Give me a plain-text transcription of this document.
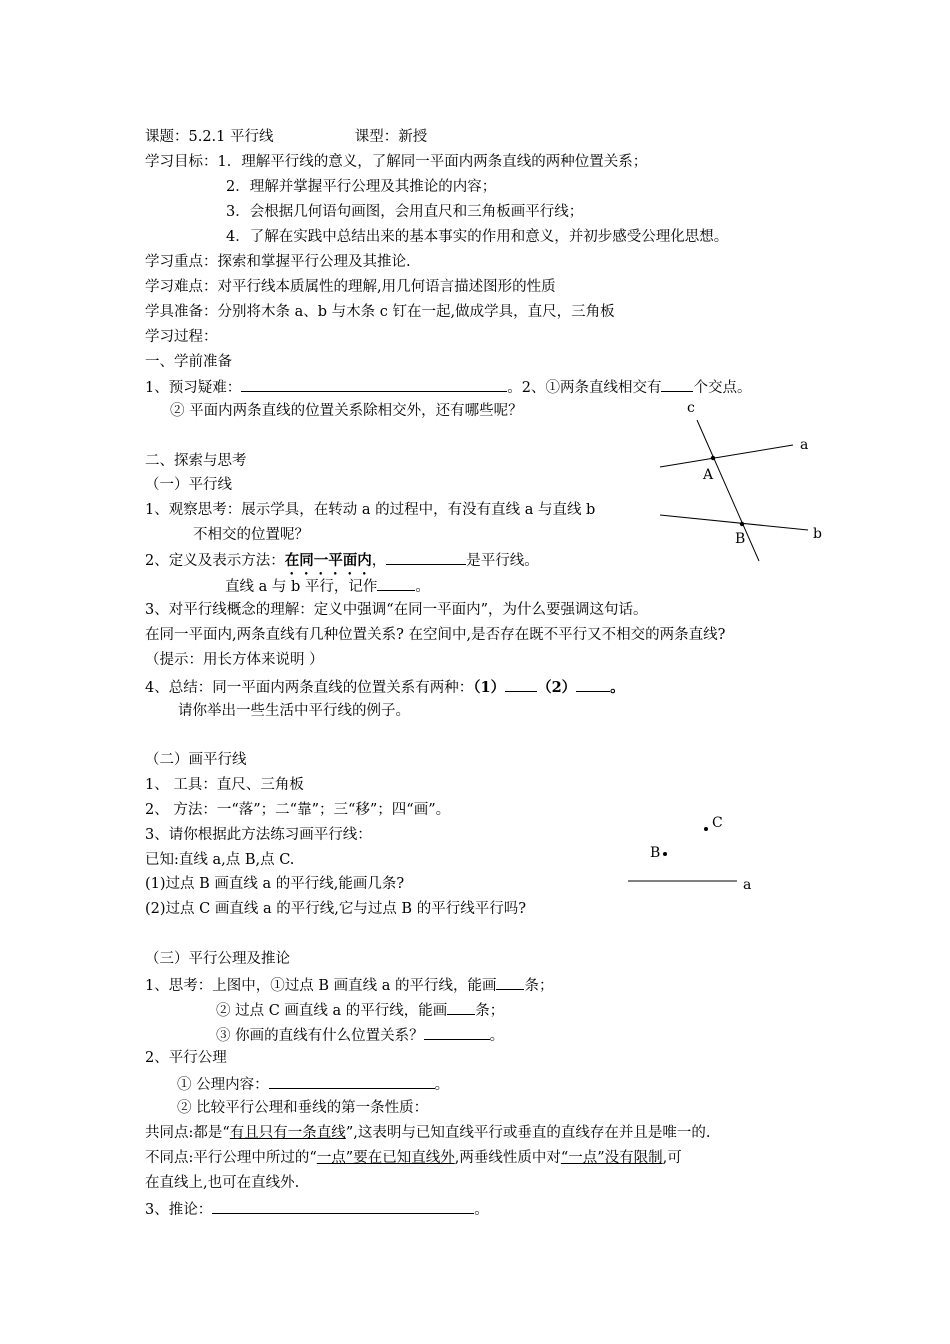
课题：5.2.1 平行线	课型：新授
学习目标：1．理解平行线的意义，了解同一平面内两条直线的两种位置关系；
2．理解并掌握平行公理及其推论的内容；
3．会根据几何语句画图，会用直尺和三角板画平行线；
4．了解在实践中总结出来的基本事实的作用和意义，并初步感受公理化思想。
学习重点：探索和掌握平行公理及其推论.
学习难点：对平行线本质属性的理解,用几何语言描述图形的性质
学具准备：分别将木条 a、b 与木条 c 钉在一起,做成学具，直尺，三角板
学习过程：
一、学前准备
1、预习疑难：	。2、①两条直线相交有 个交点。
② 平面内两条直线的位置关系除相交外，还有哪些呢？
二、探索与思考
（一）平行线
1、观察思考：展示学具，在转动 a 的过程中，有没有直线 a 与直线 b
不相交的位置呢？
2、定义及表示方法：在同一平面内，	是平行线。
直线 a 与 b 平行，记作	。
3、对平行线概念的理解：定义中强调“在同一平面内”，为什么要强调这句话。
在同一平面内,两条直线有几种位置关系? 在空间中,是否存在既不平行又不相交的两条直线?
（提示：用长方体来说明 ）
4、总结：同一平面内两条直线的位置关系有两种：（1） （2） 。
请你举出一些生活中平行线的例子。
（二）画平行线
1、 工具：直尺、三角板
2、 方法：一“落”；二“靠”；三“移”；四“画”。
3、请你根据此方法练习画平行线：
已知:直线 a,点 B,点 C.
(1)过点 B 画直线 a 的平行线,能画几条?
(2)过点 C 画直线 a 的平行线,它与过点 B 的平行线平行吗?
（三）平行公理及推论
1、思考：上图中，①过点 B 画直线 a 的平行线，能画 条；
② 过点 C 画直线 a 的平行线，能画 条；
③ 你画的直线有什么位置关系？	。
2、平行公理
① 公理内容：	。
② 比较平行公理和垂线的第一条性质：
共同点:都是“有且只有一条直线”,这表明与已知直线平行或垂直的直线存在并且是唯一的.
不同点:平行公理中所过的“一点”要在已知直线外,两垂线性质中对“一点”没有限制,可
在直线上,也可在直线外.
3、推论：	。
c
a
A
B	b
C
B
a
